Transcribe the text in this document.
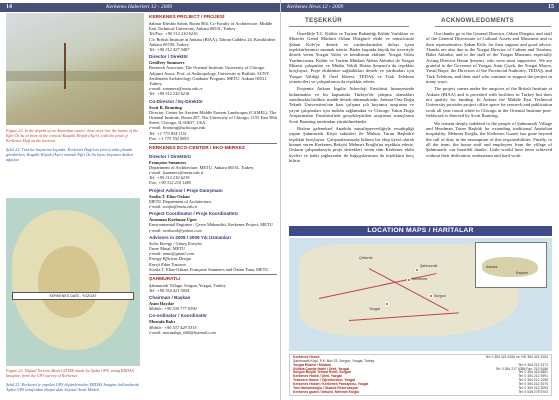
14	Kerkenes Haberleri 12 - 2009
Figure 22. In the depths of an Anatolian winter: how trees line the banks of the Eğri Öz Su in front of the conical Kuşaklı Höyük (Aşer), with the peak of Kerkenes Dağ on the horizon.
Şekil 22. Türk kır hayatının kışında: Kerkenes Dağı'nın zirvesi arka planda görülürken, Kuşaklı Höyük (Aşer) önünde Eğri Öz Su kıyısı boyunca dizilen ağaçlar.
KERKENES DAĞI - YOZGAT
Figure 23. Digital Terrain Model (DTM) made by Aydın GPS, using ERDAS Imagine, from the GPS survey of Kerkenes
Şekil 23. Kerkenes'te yapılan GPS ölçümlerinden ERDAS Imagine kullanılarak Aydın GPS tarafından oluşturulan Sayısal Arazi Modeli
KERKENES PROJECT / PROJESİ
Sabnur Edesbir Salon, Room 804, Co-Faculty of Architecture, Middle East Technical University, Ankara 06531, Turkey
Tel/Fax: +90 312 210 6216
C/o British Institute at Ankara (BIAA), Tahran Caddesi 24, Kavaklıdere, Ankara 06700, Turkey.
Tel: +90 312 427 5487
Director / Direktör
Geoffrey Summers
Research Associate, The Oriental Institute, University of Chicago. Adjunct Assoc. Prof. of Anthropology, University at Buffalo, SUNY. Settlement Archaeology Graduate Program, METU, Ankara 06531, Turkey.
e-mail: summers@metu.edu.tr
Tel: +90 312 210 6218
Co-Director / Eş-Direktör
Scott R. Branting
Director, Center for Ancient Middle Eastern Landscapes (CAMEL), The Oriental Institute, Room 207, The University of Chicago, 1155 East 58th Street, Chicago, IL 60637, USA.
e-mail: branting@uchicago.edu
Tel: +1 773 834 1151
Fax: +1 773 702 9853
KERKENES ECO-CENTER / EKO-MERKEZ
Director / Direktörü
Françoise Summers
Department of Architecture, METU, Ankara 06531, Turkey.
e-mail: fsummers@metu.edu.tr
Tel: +90 312 210 6219
Fax: +90 312 210 1485
Project Advisor / Proje Danışmanı
Soofia T. Elias-Ozkan
METU Department of Architecture,
e-mail: soofia@metu.edu.tr
Project Coordinator / Proje Koordinatörü
Arzuman Korkmaz Ügen
Environmental Engineer / Çevre Mühendisi, Kerkenes Project, METU
e-mail: arakorek@yahoo.com
Advisors in 2009 / 2009 Yılı Uzmanları
Solar Energy / Güneş Enerjisi
Ümer Mutal, METU
e-mail: umut@gmail.com
Energy Efficient Design
Enerji Etkin Tasarım
Soofia T. Elias-Ozkan, Françoise Summers and Özüm Tuna, METU
ŞAHMURATLI
Şahmuratlı Village, Sorgun, Yozgat, Turkey
Tel: +90 354 421 5054
Chairman / Başkan
Asım Haydar
Mobile: +90 530 777 6390
Co-ordinator / Koordinatör
Mustafa Balcı
Mobile: +90 537 429 5315
e-mail: moratdagi_666@hotmail.com
Kerkenes News 12 - 2009	15
TEŞEKKÜR	ACKNOWLEDGMENTS

Öncelikle T.C. Kültür ve Turizm Bakanlığı Kültür Varlıkları ve Müzeler Genel Müdürü Orhan Düzgün'e ekibi ve temsilcimiz Şaban Köle'ye destek ve yardımlarından dolayı içten teşekkürlerimizi sunmak isteriz. Bizler başında büyük bir özveriyle destek veren Yozgat Valisi ve kendisinin ekibine, Yozgat Valisi Yardımcısına, Kültür ve Turizm Müdürü Abbas Akbulut ile Yozgat Müzesi çalışanları ve Müdür Vekili Hasan Şenyurt'a da teşekkür borçluyuz. Proje ekibimize sağladıkları destek ve yardımları için Yozgat Valiliği İl Özel İdaresi, TEDAŞ ve Türk Telekom yöneticileri ve çalışanlarına da teşekkür ederiz.

Projemiz Ankara İngiliz Arkeoloji Enstitüsü himayesinde bulunmakta ve bu kapsamda Türkiye'de çalışma olanakları sunulmakla birlikte, maddi destek almamaktadır. Ankara Orta Doğu Teknik Üniversitesi'nin kazı çalışma yılı boyunca araştırma ve yayın çalışmaları için mekân sağlamakta ve Chicago Yakın Doğu Araştırmaları Enstitüsü'nde gerçekleştirilen araştırma sonuçlarını Scott Branting tarafından yürütülmektedir.

Bizlere geleneksel Anadolu misafirperverliğiyle evsahipliği yapan Şahmuratlı Köyü sakinleri ile Muhtar Turan Başbük'e teşekkür borçluyuz. Çalışmalarımızda bilinen bir ekip üyesi olarak hizmet veren Kerkenes Bekçisi Mehmet Eroğlu'na teşekkür ederiz. Onların çalışmalarıyla proje destekleri veren tüm Kerkenes ekibi üyeleri ve katkı sağlayanlar ile bağışçılarımıza da teşekkürü borç biliriz.

Our thanks go to the General Director, Orhan Düzgün, and staff of the General Directorate of Cultural Assets and Museums and to their representative, Şaban Köle, for their support and good advice. Thanks are also due to the Yozgat Director of Culture and Tourism, Bahri Akbulut, and to the staff of the Yozgat Museum, especially Acting Director Hasan Şenyurt, who were most supportive. We are grateful to the Governor of Yozgat, Amir Çiçek, the Yozgat Mayor, Yusuf Başer, the Directors of the Provincial Authority, TEDAŞ, and Türk Telekom, and their staff who continue to support the project in many ways.

The project comes under the auspices of the British Institute at Ankara (BIAA) and is provided with facilities in Turkey but does not qualify for funding. In Ankara the Middle East Technical University provides project office space for research and publication work all year round while in Chicago at the Oriental Institute post-fieldwork is directed by Scott Branting.

We remain deeply indebted to the people of Şahmuratlı Village and Headman Turan Başbük for extending traditional Anatolian hospitality. Mehmet Eroğlu, the Kerkenes Guard, has gone beyond the call of duty in the assumption of this responsibilities. Finally, to all the team, the house staff and employees from the village of Şahmuratlı: our heartfelt thanks. Little would have been achieved without their dedication, enthusiasm and hard work.

LOCATION MAPS / HARİTALAR
Kerkenes
Sorgun
Yozgat
Şahmuratlı
Çekerek
Ankara
Kayseri
Kerkenes House	Tel: 0 354 421 5154 ve +90 354 421 5154
Şahmuratlı Köyü, P.K. Box 23, Sorgun, Yozgat, Turkey
Yozgat Müzesi / Müdürü	Tel: 0 354 212 3171
Gülista Çamlık Hotel / Oteli, Yozgat	Tel: 0 354 217 5385 Fax: 212 5186
Sorgun Büyük Termal Hotel, Sorgun	Tel: 0 354 415 5881
Kerkenes Hoteli / Oteli, Yozgat	Tel: 0 354 212 3991
Teachers House / Öğretmenevi, Yozgat	Tel: 0 354 212 1095
Kerkenes Hostel / Kerkenes Pansiyonu, Yozgat	Tel: 0 354 212 3070
Taxi Hamamlıoğlu / Otobüs Rezervasyon	Tel: 0 354 212 3093
Kerkenes guard / bekçisi, Mehmet Eroğlu	Tel: 0 535 278 9703
